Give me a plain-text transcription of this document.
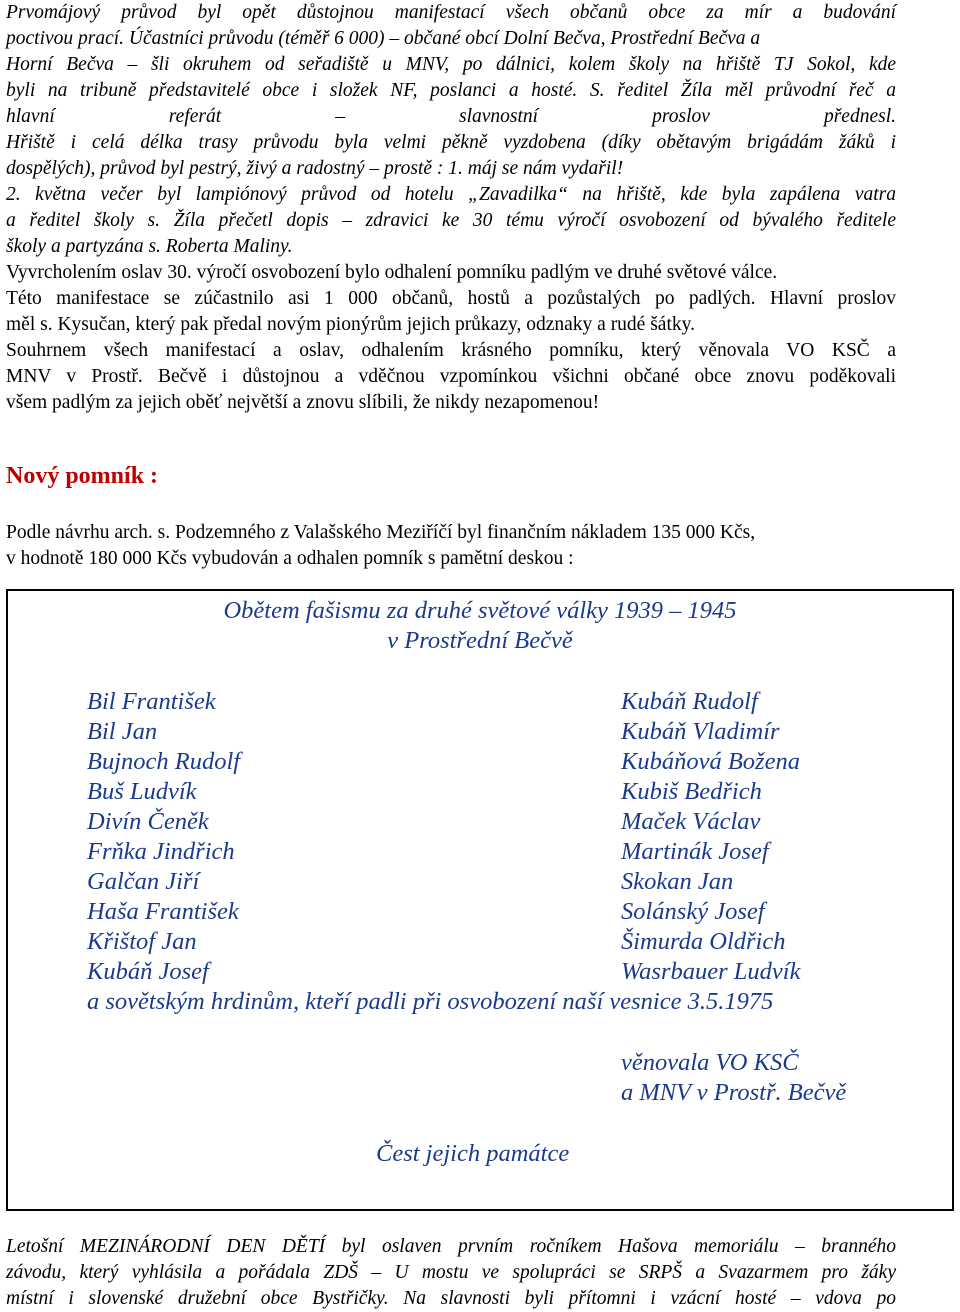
Prvomájový průvod byl opět důstojnou manifestací všech občanů obce za mír a budování
poctivou prací. Účastníci průvodu (téměř 6 000) – občané obcí Dolní Bečva, Prostřední Bečva a
Horní Bečva – šli okruhem od seřadiště u MNV, po dálnici, kolem školy na hřiště TJ Sokol, kde
byli na tribuně představitelé obce i složek NF, poslanci a hosté. S. ředitel Žíla měl průvodní řeč a
hlavní referát – slavnostní proslov přednesl.
Hřiště i celá délka trasy průvodu byla velmi pěkně vyzdobena (díky obětavým brigádám žáků i
dospělých), průvod byl pestrý, živý a radostný – prostě : 1. máj se nám vydařil!
2. května večer byl lampiónový průvod od hotelu „Zavadilka“ na hřiště, kde byla zapálena vatra
a ředitel školy s. Žíla přečetl dopis – zdravici ke 30 tému výročí osvobození od bývalého ředitele
školy a partyzána s. Roberta Maliny.
Vyvrcholením oslav 30. výročí osvobození bylo odhalení pomníku padlým ve druhé světové válce.
Této manifestace se zúčastnilo asi 1 000 občanů, hostů a pozůstalých po padlých. Hlavní proslov
měl s. Kysučan, který pak předal novým pionýrům jejich průkazy, odznaky a rudé šátky.
Souhrnem všech manifestací a oslav, odhalením krásného pomníku, který věnovala VO KSČ a
MNV v Prostř. Bečvě i důstojnou a vděčnou vzpomínkou všichni občané obce znovu poděkovali
všem padlým za jejich oběť největší a znovu slíbili, že nikdy nezapomenou!
Nový pomník :
Podle návrhu arch. s. Podzemného z Valašského Meziříčí byl finančním nákladem 135 000 Kčs,
v hodnotě 180 000 Kčs vybudován a odhalen pomník s pamětní deskou :
Obětem fašismu za druhé světové války 1939 – 1945
v Prostřední Bečvě
Bil František
Bil Jan
Bujnoch Rudolf
Buš Ludvík
Divín Čeněk
Frňka Jindřich
Galčan Jiří
Haša František
Křištof Jan
Kubáň Josef
Kubáň Rudolf
Kubáň Vladimír
Kubáňová Božena
Kubiš Bedřich
Maček Václav
Martinák Josef
Skokan Jan
Solánský Josef
Šimurda Oldřich
Wasrbauer Ludvík
a sovětským hrdinům, kteří padli při osvobození naší vesnice 3.5.1975
věnovala VO KSČ
a MNV v Prostř. Bečvě
Čest jejich památce
Letošní MEZINÁRODNÍ DEN DĚTÍ byl oslaven prvním ročníkem Hašova memoriálu – branného
závodu, který vyhlásila a pořádala ZDŠ – U mostu ve spolupráci se SRPŠ a Svazarmem pro žáky
místní i slovenské družební obce Bystřičky. Na slavnosti byli přítomni i vzácní hosté – vdova po
